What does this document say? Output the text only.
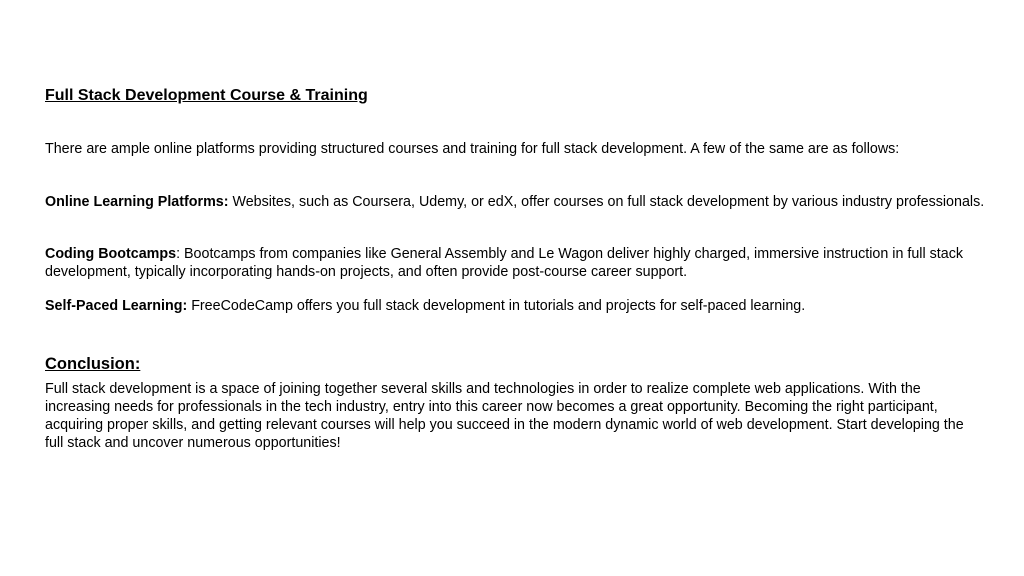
Full Stack Development Course & Training

There are ample online platforms providing structured courses and training for full stack development. A few of the same are as follows:

Online Learning Platforms: Websites, such as Coursera, Udemy, or edX, offer courses on full stack development by various industry professionals.

Coding Bootcamps: Bootcamps from companies like General Assembly and Le Wagon deliver highly charged, immersive instruction in full stack development, typically incorporating hands-on projects, and often provide post-course career support.

Self-Paced Learning: FreeCodeCamp offers you full stack development in tutorials and projects for self-paced learning.

Conclusion:

Full stack development is a space of joining together several skills and technologies in order to realize complete web applications. With the increasing needs for professionals in the tech industry, entry into this career now becomes a great opportunity. Becoming the right participant, acquiring proper skills, and getting relevant courses will help you succeed in the modern dynamic world of web development. Start developing the full stack and uncover numerous opportunities!
